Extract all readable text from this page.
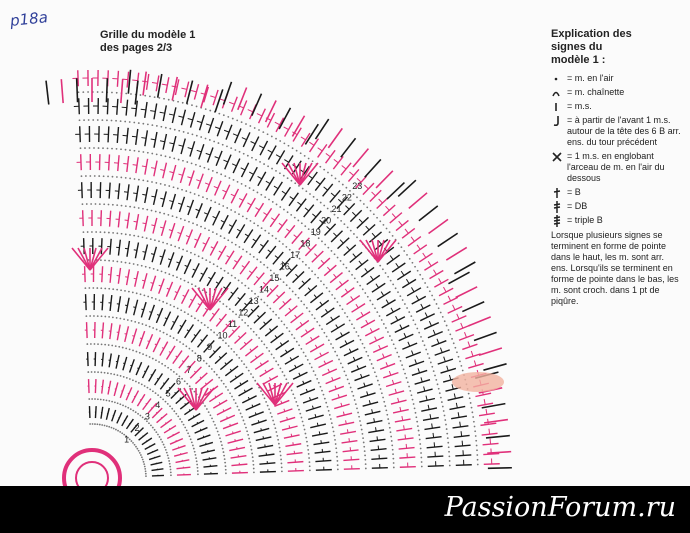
1
2
3
4
5
6
7
8
9
10
11
12
13
14
15
16
17
18
19
20
21
22
23
p18a
Grille du modèle 1
des pages 2/3
Explication des
signes du
modèle 1 :
= m. en l'air
= m. chaînette
= m.s.
= à partir de l'avant 1 m.s. autour de la tête des 6 B arr. ens. du tour précédent
= 1 m.s. en englobant l'arceau de m. en l'air du dessous
= B
= DB
= triple B
Lorsque plusieurs signes se terminent en forme de pointe dans le haut, les m. sont arr. ens. Lorsqu'ils se terminent en forme de pointe dans le bas, les m. sont croch. dans 1 pt de piqûre.
PassionForum.ru
